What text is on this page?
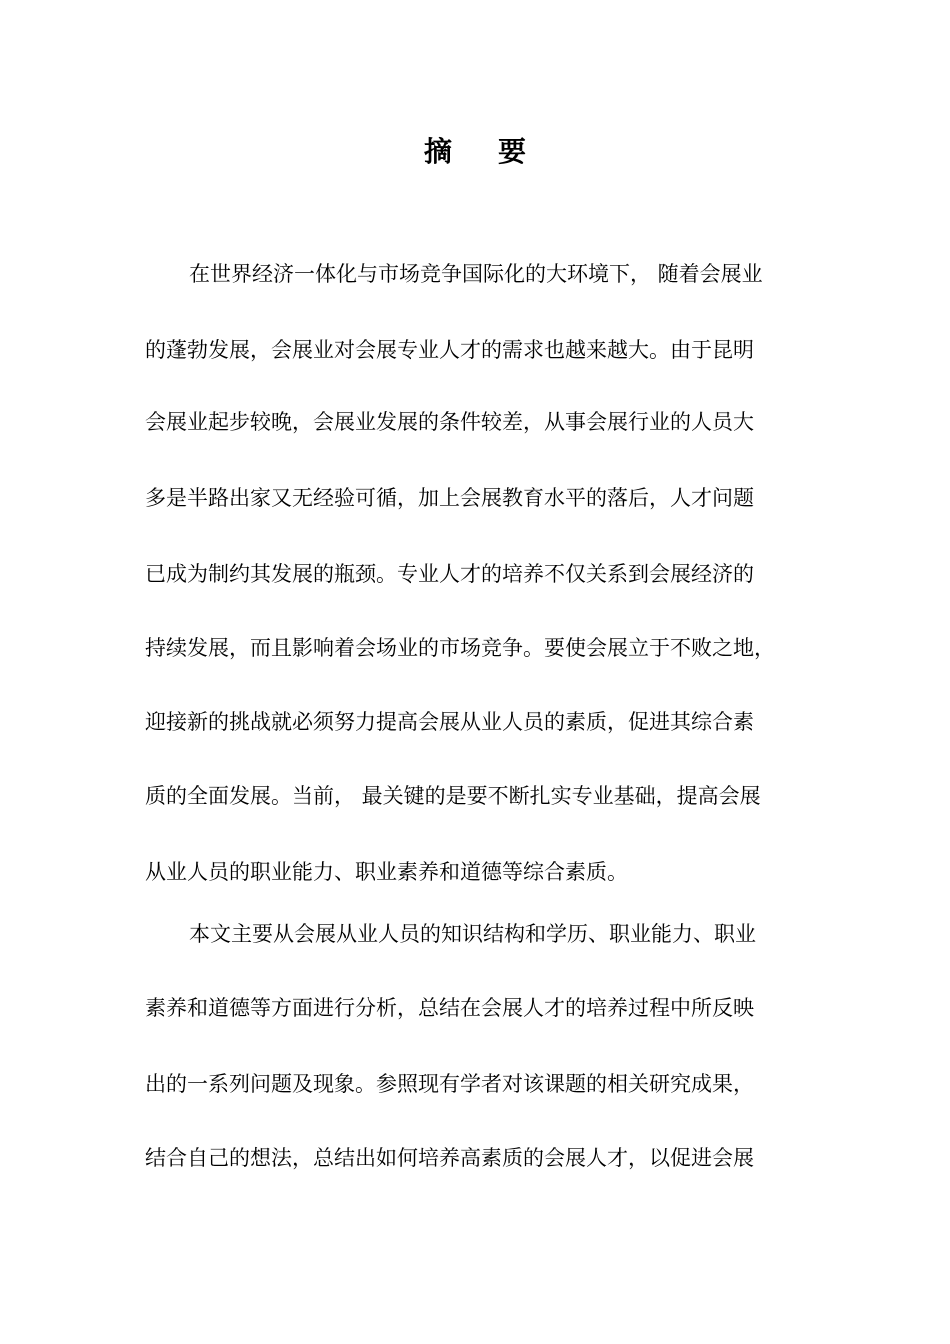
摘 要
在世界经济一体化与市场竞争国际化的大环境下， 随着会展业
的蓬勃发展，会展业对会展专业人才的需求也越来越大。由于昆明
会展业起步较晚，会展业发展的条件较差，从事会展行业的人员大
多是半路出家又无经验可循，加上会展教育水平的落后，人才问题
已成为制约其发展的瓶颈。专业人才的培养不仅关系到会展经济的
持续发展，而且影响着会场业的市场竞争。要使会展立于不败之地，
迎接新的挑战就必须努力提高会展从业人员的素质，促进其综合素
质的全面发展。当前， 最关键的是要不断扎实专业基础，提高会展
从业人员的职业能力、职业素养和道德等综合素质。
本文主要从会展从业人员的知识结构和学历、职业能力、职业
素养和道德等方面进行分析，总结在会展人才的培养过程中所反映
出的一系列问题及现象。参照现有学者对该课题的相关研究成果，
结合自己的想法，总结出如何培养高素质的会展人才，以促进会展
